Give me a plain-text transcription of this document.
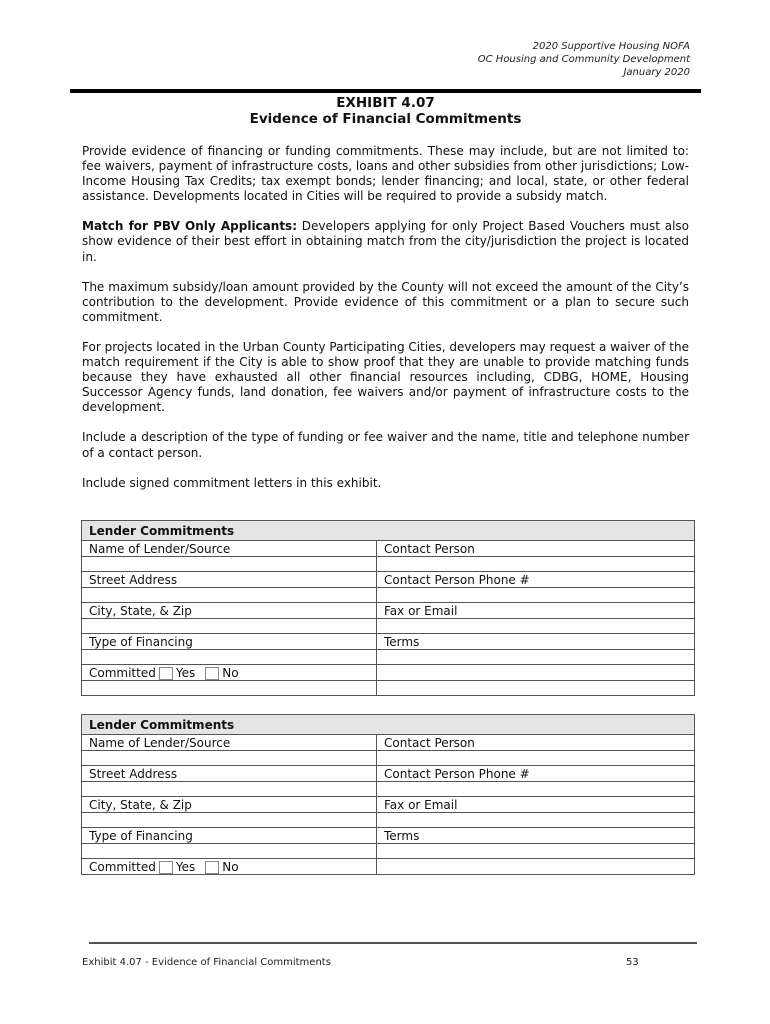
2020 Supportive Housing NOFA
OC Housing and Community Development
January 2020
EXHIBIT 4.07
Evidence of Financial Commitments

Provide evidence of financing or funding commitments. These may include, but are not limited to: fee waivers, payment of infrastructure costs, loans and other subsidies from other jurisdictions; Low-Income Housing Tax Credits; tax exempt bonds; lender financing; and local, state, or other federal assistance. Developments located in Cities will be required to provide a subsidy match.

Match for PBV Only Applicants: Developers applying for only Project Based Vouchers must also show evidence of their best effort in obtaining match from the city/jurisdiction the project is located in.

The maximum subsidy/loan amount provided by the County will not exceed the amount of the City’s contribution to the development. Provide evidence of this commitment or a plan to secure such commitment.

For projects located in the Urban County Participating Cities, developers may request a waiver of the match requirement if the City is able to show proof that they are unable to provide matching funds because they have exhausted all other financial resources including, CDBG, HOME, Housing Successor Agency funds, land donation, fee waivers and/or payment of infrastructure costs to the development.

Include a description of the type of funding or fee waiver and the name, title and telephone number of a contact person.

Include signed commitment letters in this exhibit.

Lender Commitments	
Name of Lender/Source	Contact Person

Street Address	Contact Person Phone #

City, State, & Zip	Fax or Email

Type of Financing	Terms

Committed Yes No	

Lender Commitments	
Name of Lender/Source	Contact Person

Street Address	Contact Person Phone #

City, State, & Zip	Fax or Email

Type of Financing	Terms

Committed Yes No	
Exhibit 4.07 - Evidence of Financial Commitments	53
